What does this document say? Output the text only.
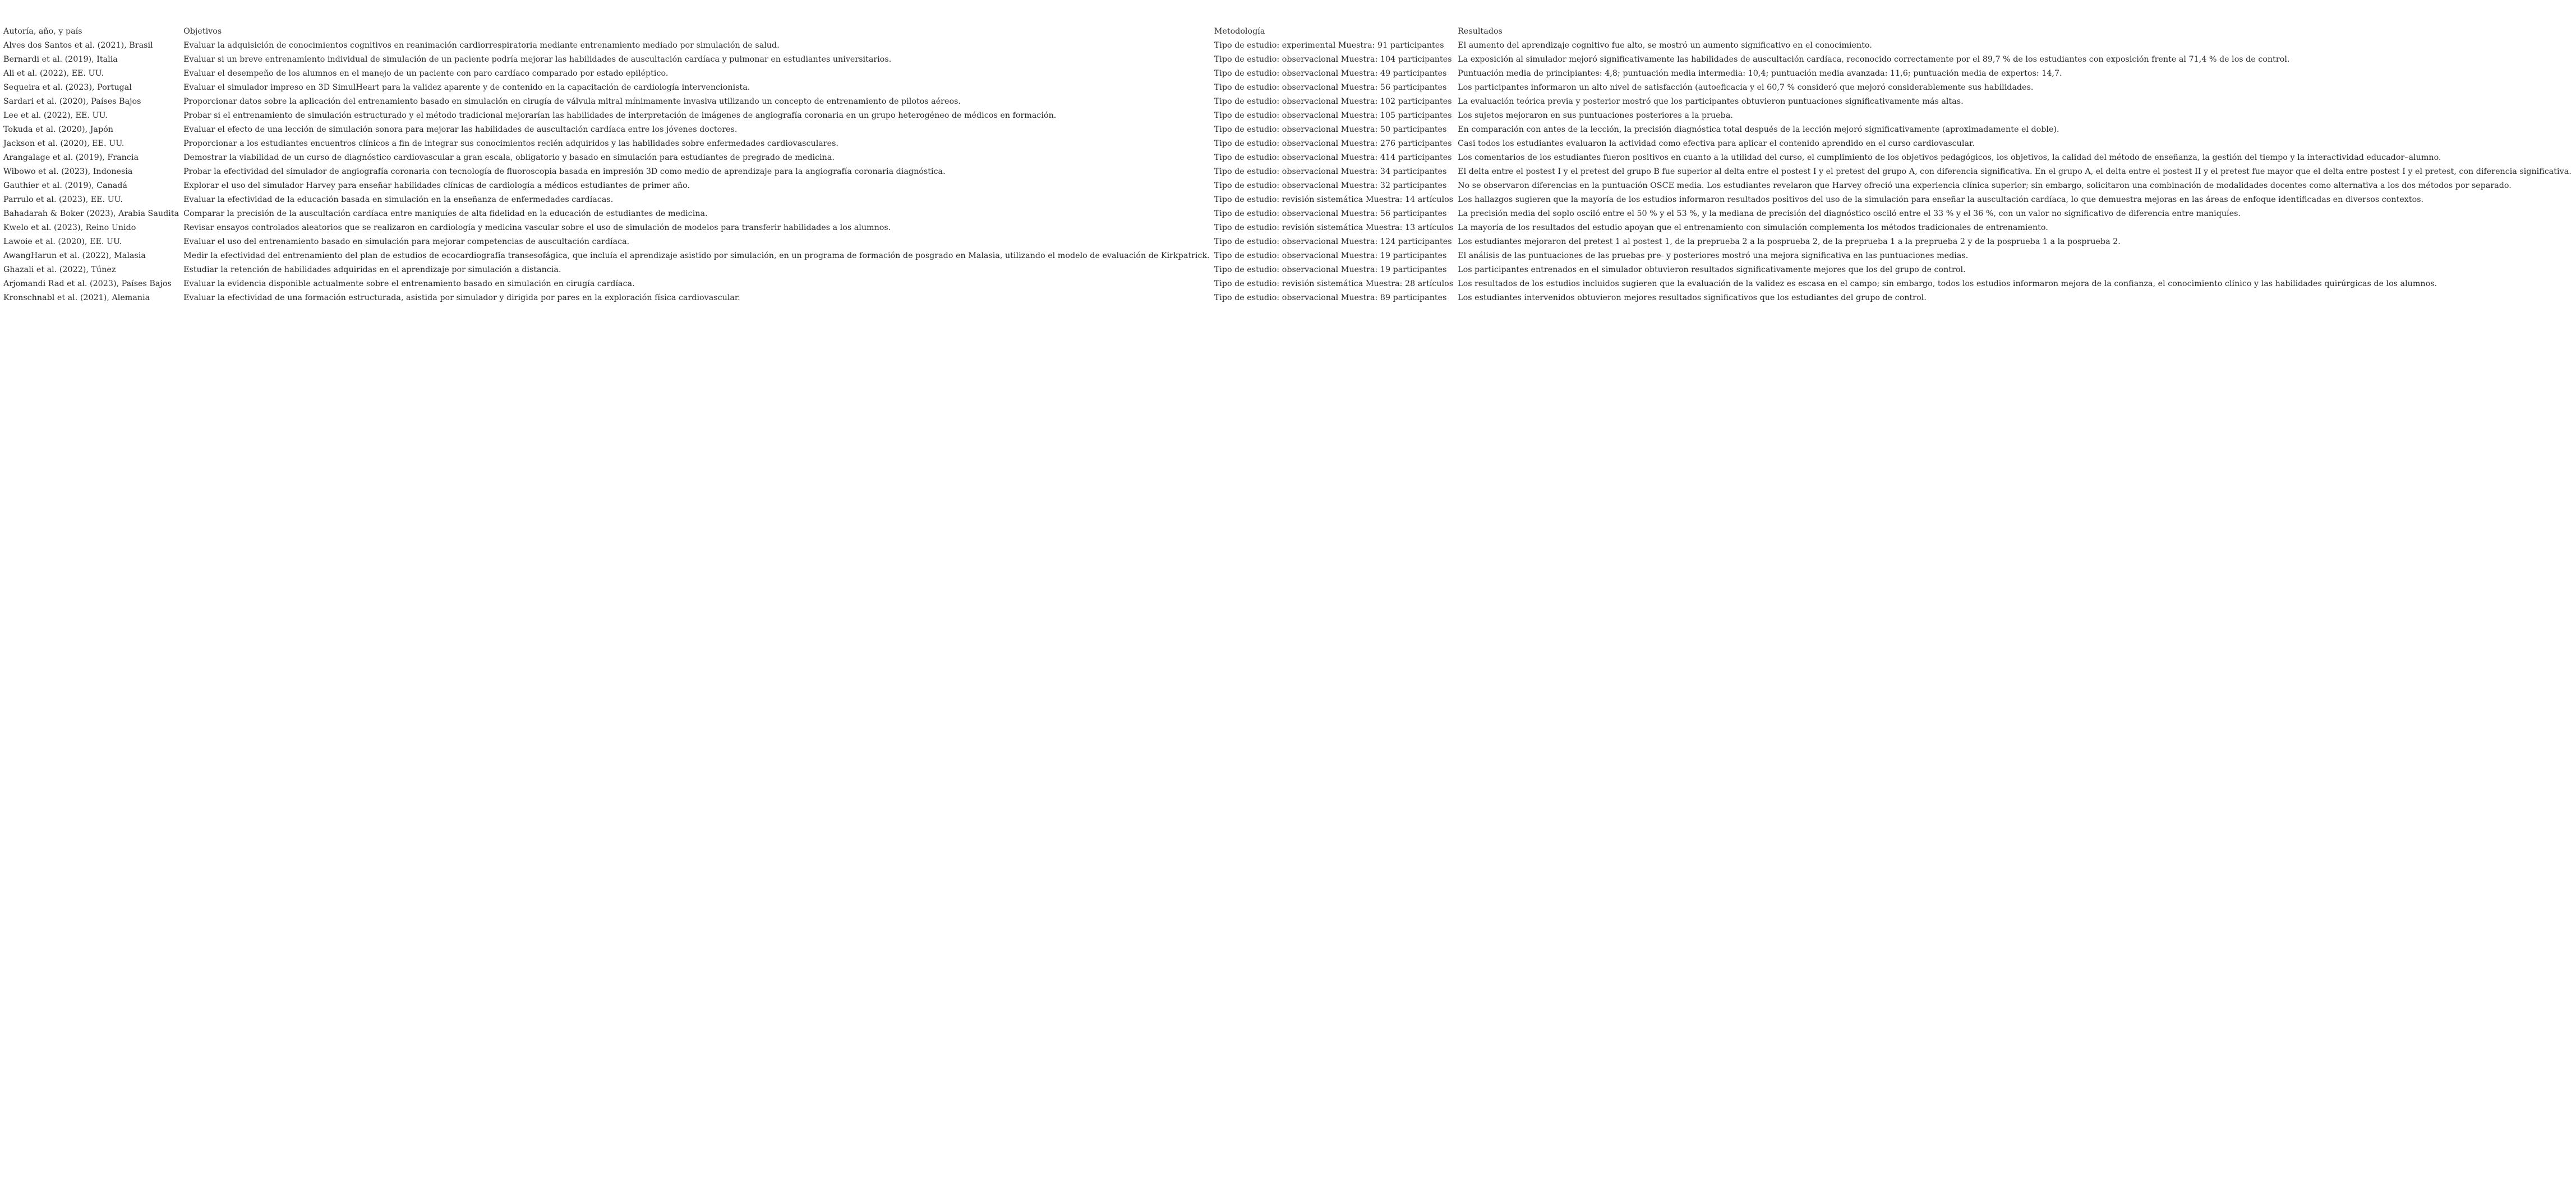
Autoría, año, y país	Objetivos	Metodología	Resultados
Alves dos Santos et al. (2021), Brasil	Evaluar la adquisición de conocimientos cognitivos en reanimación cardiorrespiratoria mediante entrenamiento mediado por simulación de salud.	Tipo de estudio: experimental Muestra: 91 participantes	El aumento del aprendizaje cognitivo fue alto, se mostró un aumento significativo en el conocimiento.
Bernardi et al. (2019), Italia	Evaluar si un breve entrenamiento individual de simulación de un paciente podría mejorar las habilidades de auscultación cardíaca y pulmonar en estudiantes universitarios.	Tipo de estudio: observacional Muestra: 104 participantes	La exposición al simulador mejoró significativamente las habilidades de auscultación cardíaca, reconocido correctamente por el 89,7 % de los estudiantes con exposición frente al 71,4 % de los de control.
Ali et al. (2022), EE. UU.	Evaluar el desempeño de los alumnos en el manejo de un paciente con paro cardíaco comparado por estado epiléptico.	Tipo de estudio: observacional Muestra: 49 participantes	Puntuación media de principiantes: 4,8; puntuación media intermedia: 10,4; puntuación media avanzada: 11,6; puntuación media de expertos: 14,7.
Sequeira et al. (2023), Portugal	Evaluar el simulador impreso en 3D SimulHeart para la validez aparente y de contenido en la capacitación de cardiología intervencionista.	Tipo de estudio: observacional Muestra: 56 participantes	Los participantes informaron un alto nivel de satisfacción (autoeficacia y el 60,7 % consideró que mejoró considerablemente sus habilidades.
Sardari et al. (2020), Países Bajos	Proporcionar datos sobre la aplicación del entrenamiento basado en simulación en cirugía de válvula mitral mínimamente invasiva utilizando un concepto de entrenamiento de pilotos aéreos.	Tipo de estudio: observacional Muestra: 102 participantes	La evaluación teórica previa y posterior mostró que los participantes obtuvieron puntuaciones significativamente más altas.
Lee et al. (2022), EE. UU.	Probar si el entrenamiento de simulación estructurado y el método tradicional mejorarían las habilidades de interpretación de imágenes de angiografía coronaria en un grupo heterogéneo de médicos en formación.	Tipo de estudio: observacional Muestra: 105 participantes	Los sujetos mejoraron en sus puntuaciones posteriores a la prueba.
Tokuda et al. (2020), Japón	Evaluar el efecto de una lección de simulación sonora para mejorar las habilidades de auscultación cardíaca entre los jóvenes doctores.	Tipo de estudio: observacional Muestra: 50 participantes	En comparación con antes de la lección, la precisión diagnóstica total después de la lección mejoró significativamente (aproximadamente el doble).
Jackson et al. (2020), EE. UU.	Proporcionar a los estudiantes encuentros clínicos a fin de integrar sus conocimientos recién adquiridos y las habilidades sobre enfermedades cardiovasculares.	Tipo de estudio: observacional Muestra: 276 participantes	Casi todos los estudiantes evaluaron la actividad como efectiva para aplicar el contenido aprendido en el curso cardiovascular.
Arangalage et al. (2019), Francia	Demostrar la viabilidad de un curso de diagnóstico cardiovascular a gran escala, obligatorio y basado en simulación para estudiantes de pregrado de medicina.	Tipo de estudio: observacional Muestra: 414 participantes	Los comentarios de los estudiantes fueron positivos en cuanto a la utilidad del curso, el cumplimiento de los objetivos pedagógicos, los objetivos, la calidad del método de enseñanza, la gestión del tiempo y la interactividad educador–alumno.
Wibowo et al. (2023), Indonesia	Probar la efectividad del simulador de angiografía coronaria con tecnología de fluoroscopia basada en impresión 3D como medio de aprendizaje para la angiografía coronaria diagnóstica.	Tipo de estudio: observacional Muestra: 34 participantes	El delta entre el postest I y el pretest del grupo B fue superior al delta entre el postest I y el pretest del grupo A, con diferencia significativa. En el grupo A, el delta entre el postest II y el pretest fue mayor que el delta entre postest I y el pretest, con diferencia significativa.
Gauthier et al. (2019), Canadá	Explorar el uso del simulador Harvey para enseñar habilidades clínicas de cardiología a médicos estudiantes de primer año.	Tipo de estudio: observacional Muestra: 32 participantes	No se observaron diferencias en la puntuación OSCE media. Los estudiantes revelaron que Harvey ofreció una experiencia clínica superior; sin embargo, solicitaron una combinación de modalidades docentes como alternativa a los dos métodos por separado.
Parrulo et al. (2023), EE. UU.	Evaluar la efectividad de la educación basada en simulación en la enseñanza de enfermedades cardíacas.	Tipo de estudio: revisión sistemática Muestra: 14 artículos	Los hallazgos sugieren que la mayoría de los estudios informaron resultados positivos del uso de la simulación para enseñar la auscultación cardíaca, lo que demuestra mejoras en las áreas de enfoque identificadas en diversos contextos.
Bahadarah & Boker (2023), Arabia Saudita	Comparar la precisión de la auscultación cardíaca entre maniquíes de alta fidelidad en la educación de estudiantes de medicina.	Tipo de estudio: observacional Muestra: 56 participantes	La precisión media del soplo osciló entre el 50 % y el 53 %, y la mediana de precisión del diagnóstico osciló entre el 33 % y el 36 %, con un valor no significativo de diferencia entre maniquíes.
Kwelo et al. (2023), Reino Unido	Revisar ensayos controlados aleatorios que se realizaron en cardiología y medicina vascular sobre el uso de simulación de modelos para transferir habilidades a los alumnos.	Tipo de estudio: revisión sistemática Muestra: 13 artículos	La mayoría de los resultados del estudio apoyan que el entrenamiento con simulación complementa los métodos tradicionales de entrenamiento.
Lawoie et al. (2020), EE. UU.	Evaluar el uso del entrenamiento basado en simulación para mejorar competencias de auscultación cardíaca.	Tipo de estudio: observacional Muestra: 124 participantes	Los estudiantes mejoraron del pretest 1 al postest 1, de la prepruebа 2 a la posprueba 2, de la preprueba 1 a la preprueba 2 y de la posprueba 1 a la posprueba 2.
AwangHarun et al. (2022), Malasia	Medir la efectividad del entrenamiento del plan de estudios de ecocardiografía transesofágica, que incluía el aprendizaje asistido por simulación, en un programa de formación de posgrado en Malasia, utilizando el modelo de evaluación de Kirkpatrick.	Tipo de estudio: observacional Muestra: 19 participantes	El análisis de las puntuaciones de las pruebas pre- y posteriores mostró una mejora significativa en las puntuaciones medias.
Ghazali et al. (2022), Túnez	Estudiar la retención de habilidades adquiridas en el aprendizaje por simulación a distancia.	Tipo de estudio: observacional Muestra: 19 participantes	Los participantes entrenados en el simulador obtuvieron resultados significativamente mejores que los del grupo de control.
Arjomandi Rad et al. (2023), Países Bajos	Evaluar la evidencia disponible actualmente sobre el entrenamiento basado en simulación en cirugía cardíaca.	Tipo de estudio: revisión sistemática Muestra: 28 artículos	Los resultados de los estudios incluidos sugieren que la evaluación de la validez es escasa en el campo; sin embargo, todos los estudios informaron mejora de la confianza, el conocimiento clínico y las habilidades quirúrgicas de los alumnos.
Kronschnabl et al. (2021), Alemania	Evaluar la efectividad de una formación estructurada, asistida por simulador y dirigida por pares en la exploración física cardiovascular.	Tipo de estudio: observacional Muestra: 89 participantes	Los estudiantes intervenidos obtuvieron mejores resultados significativos que los estudiantes del grupo de control.
